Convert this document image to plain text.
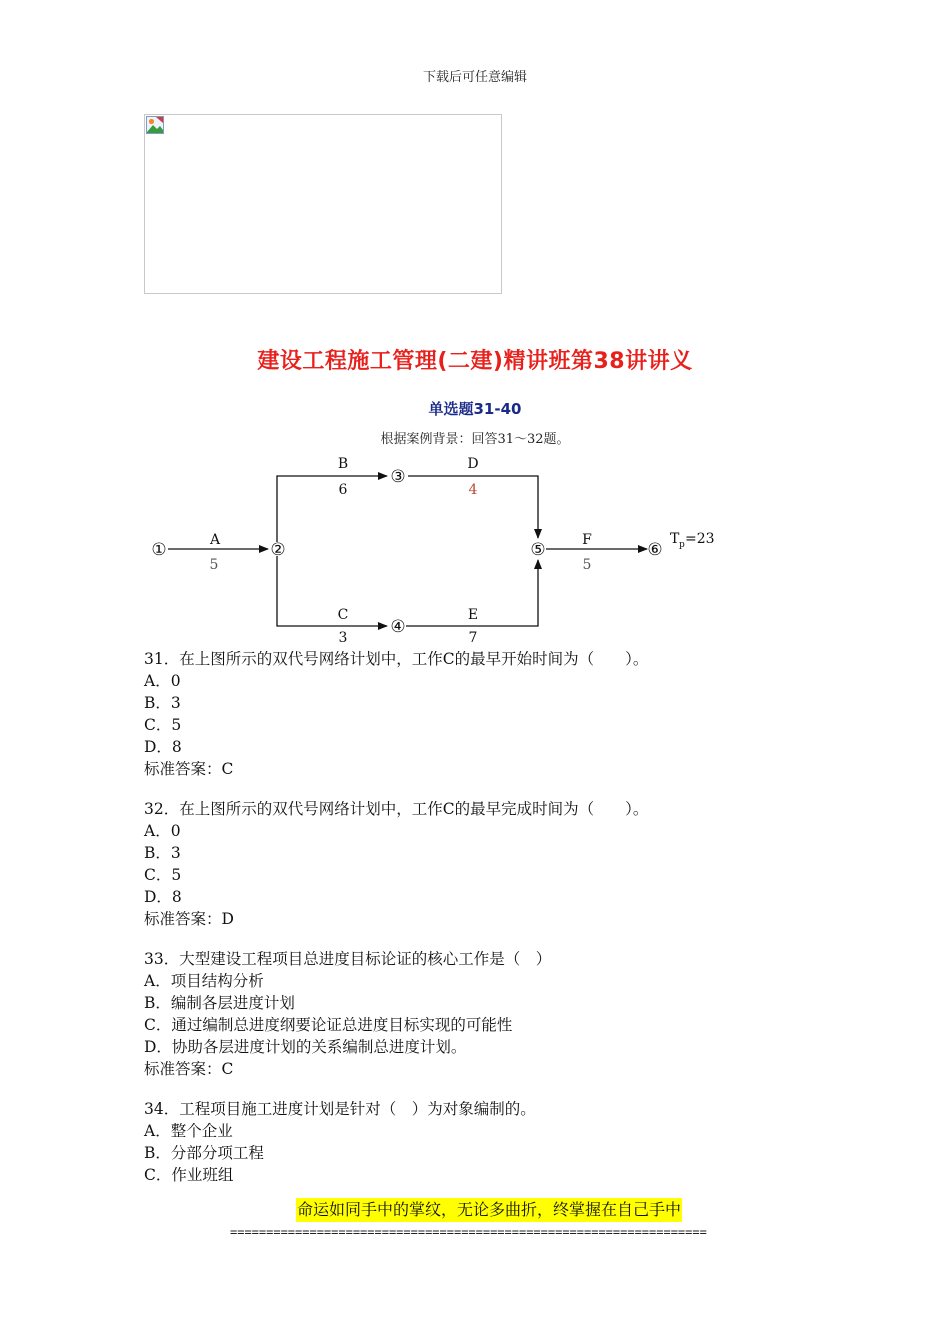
下载后可任意编辑
建设工程施工管理(二建)精讲班第38讲讲义
单选题31-40
根据案例背景：回答31～32题。
①	②
③
④
⑤	⑥
A
5
B
6
C
3
D
4
E
7
F
5
T p =23
31．在上图所示的双代号网络计划中，工作C的最早开始时间为（　　）。
A．0
B．3
C．5
D．8
标准答案：C
32．在上图所示的双代号网络计划中，工作C的最早完成时间为（　　）。
A．0
B．3
C．5
D．8
标准答案：D
33．大型建设工程项目总进度目标论证的核心工作是（　）
A．项目结构分析
B．编制各层进度计划
C．通过编制总进度纲要论证总进度目标实现的可能性
D．协助各层进度计划的关系编制总进度计划。
标准答案：C
34．工程项目施工进度计划是针对（　）为对象编制的。
A．整个企业
B．分部分项工程
C．作业班组
命运如同手中的掌纹，无论多曲折，终掌握在自己手中
==================================================================
